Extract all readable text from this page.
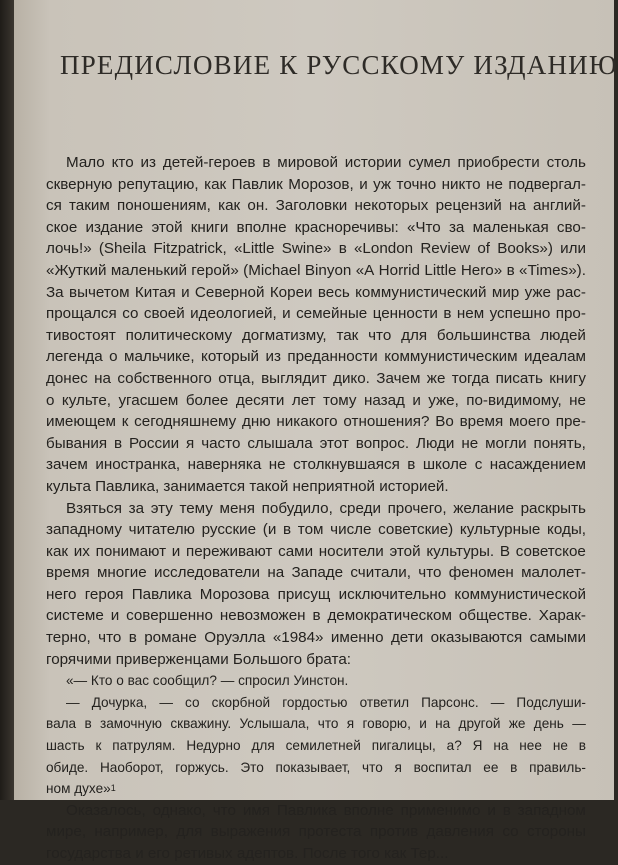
ПРЕДИСЛОВИЕ К РУССКОМУ ИЗДАНИЮ
Мало кто из детей-героев в мировой истории сумел приобрести столь
скверную репутацию, как Павлик Морозов, и уж точно никто не подвергал-
ся таким поношениям, как он. Заголовки некоторых рецензий на англий-
ское издание этой книги вполне красноречивы: «Что за маленькая сво-
лочь!» (Sheila Fitzpatrick, «Little Swine» в «London Review of Books») или
«Жуткий маленький герой» (Michael Binyon «A Horrid Little Hero» в «Times»).
За вычетом Китая и Северной Кореи весь коммунистический мир уже рас-
прощался со своей идеологией, и семейные ценности в нем успешно про-
тивостоят политическому догматизму, так что для большинства людей
легенда о мальчике, который из преданности коммунистическим идеалам
донес на собственного отца, выглядит дико. Зачем же тогда писать книгу
о культе, угасшем более десяти лет тому назад и уже, по-видимому, не
имеющем к сегодняшнему дню никакого отношения? Во время моего пре-
бывания в России я часто слышала этот вопрос. Люди не могли понять,
зачем иностранка, наверняка не столкнувшаяся в школе с насаждением
культа Павлика, занимается такой неприятной историей.
Взяться за эту тему меня побудило, среди прочего, желание раскрыть
западному читателю русские (и в том числе советские) культурные коды,
как их понимают и переживают сами носители этой культуры. В советское
время многие исследователи на Западе считали, что феномен малолет-
него героя Павлика Морозова присущ исключительно коммунистической
системе и совершенно невозможен в демократическом обществе. Харак-
терно, что в романе Оруэлла «1984» именно дети оказываются самыми
горячими приверженцами Большого брата:
«— Кто о вас сообщил? — спросил Уинстон.
— Дочурка, — со скорбной гордостью ответил Парсонс. — Подслуши-
вала в замочную скважину. Услышала, что я говорю, и на другой же день —
шасть к патрулям. Недурно для семилетней пигалицы, а? Я на нее не в
обиде. Наоборот, горжусь. Это показывает, что я воспитал ее в правиль-
ном духе» 1
Оказалось, однако, что имя Павлика вполне применимо и в западном
мире, например, для выражения протеста против давления со стороны
государства и его ретивых адептов. После того как Тер...
